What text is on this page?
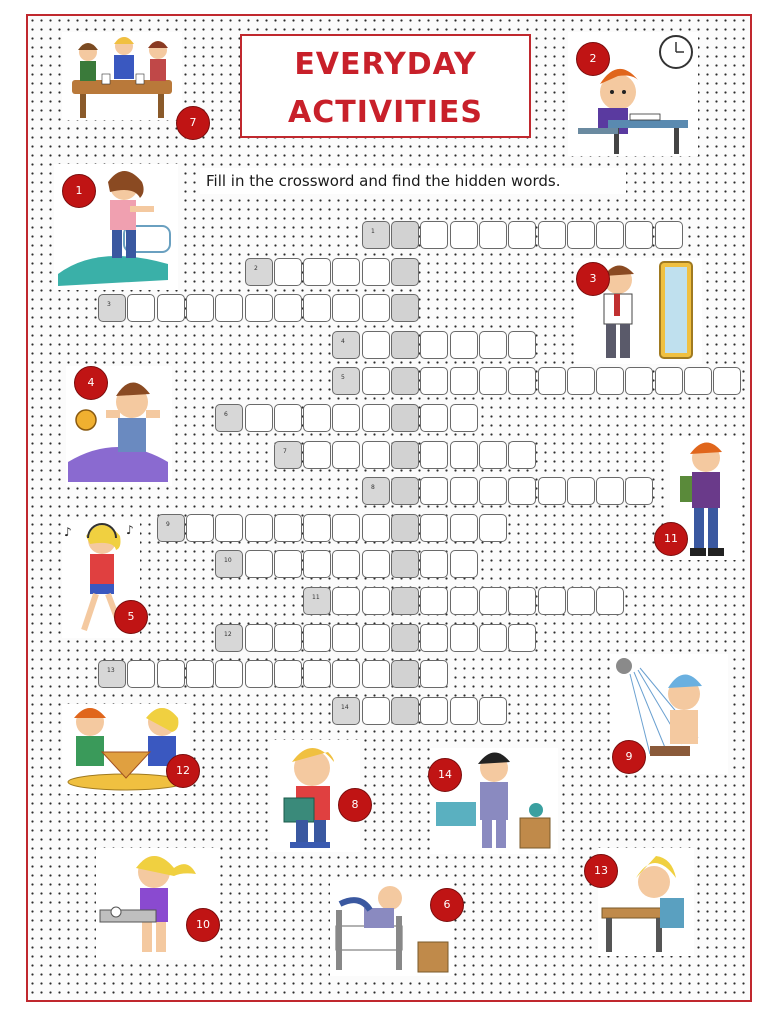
EVERYDAY
ACTIVITIES
Fill in the crossword and find the hidden words.
1
2
3
4
5
6
7
8
9
10
11
12
13
14
♪	♪
7
2
1
3
4
11
5
9
12	14
8
10
6
13
